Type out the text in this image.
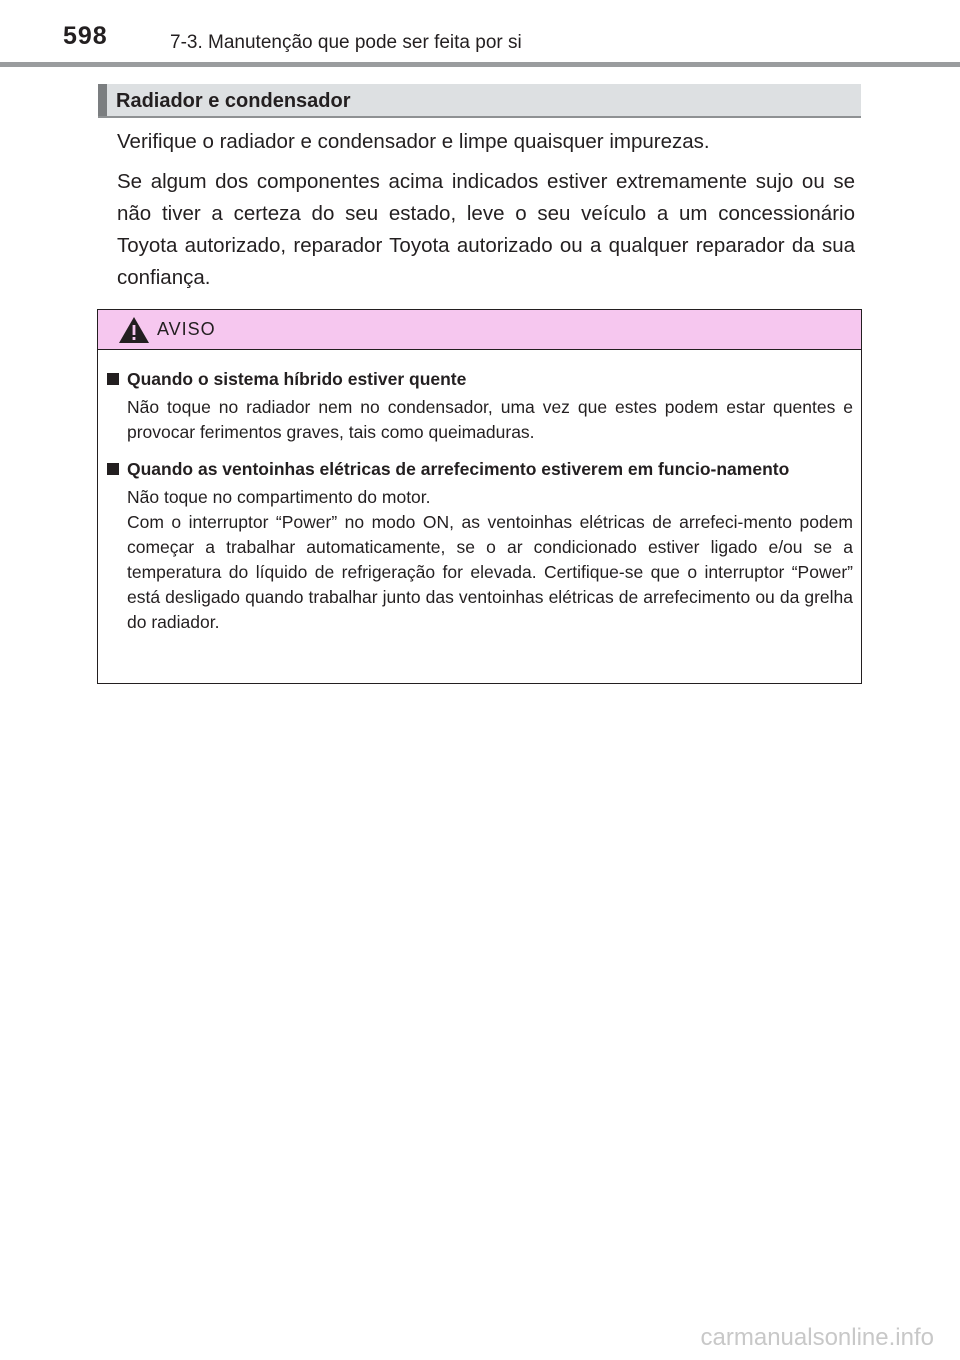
598	7-3. Manutenção que pode ser feita por si
Radiador e condensador
Verifique o radiador e condensador e limpe quaisquer impurezas.
Se algum dos componentes acima indicados estiver extremamente sujo ou se não tiver a certeza do seu estado, leve o seu veículo a um concessionário Toyota autorizado, reparador Toyota autorizado ou a qualquer reparador da sua confiança.
AVISO
Quando o sistema híbrido estiver quente
Não toque no radiador nem no condensador, uma vez que estes podem estar quentes e provocar ferimentos graves, tais como queimaduras.
Quando as ventoinhas elétricas de arrefecimento estiverem em funcio-namento
Não toque no compartimento do motor.
Com o interruptor “Power” no modo ON, as ventoinhas elétricas de arrefeci-mento podem começar a trabalhar automaticamente, se o ar condicionado estiver ligado e/ou se a temperatura do líquido de refrigeração for elevada. Certifique-se que o interruptor “Power” está desligado quando trabalhar junto das ventoinhas elétricas de arrefecimento ou da grelha do radiador.
carmanualsonline.info
